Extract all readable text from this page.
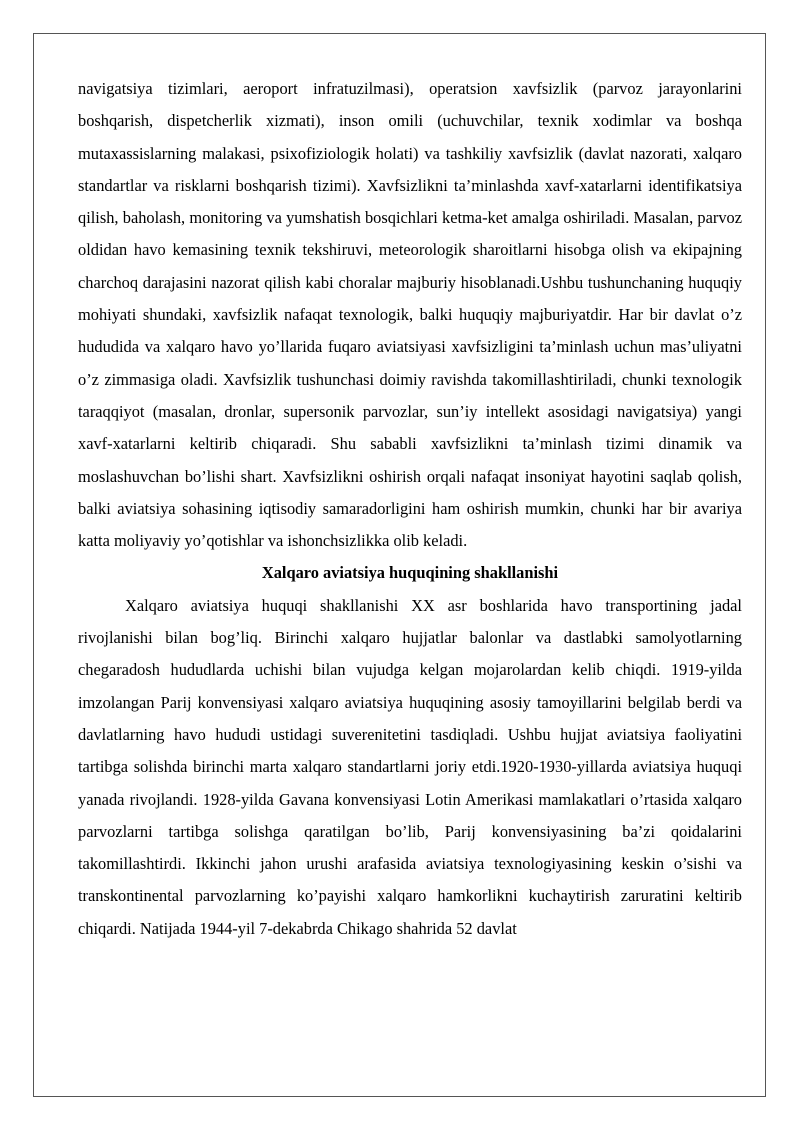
navigatsiya tizimlari, aeroport infratuzilmasi), operatsion xavfsizlik (parvoz jarayonlarini boshqarish, dispetcherlik xizmati), inson omili (uchuvchilar, texnik xodimlar va boshqa mutaxassislarning malakasi, psixofiziologik holati) va tashkiliy xavfsizlik (davlat nazorati, xalqaro standartlar va risklarni boshqarish tizimi). Xavfsizlikni ta’minlashda xavf-xatarlarni identifikatsiya qilish, baholash, monitoring va yumshatish bosqichlari ketma-ket amalga oshiriladi. Masalan, parvoz oldidan havo kemasining texnik tekshiruvi, meteorologik sharoitlarni hisobga olish va ekipajning charchoq darajasini nazorat qilish kabi choralar majburiy hisoblanadi.Ushbu tushunchaning huquqiy mohiyati shundaki, xavfsizlik nafaqat texnologik, balki huquqiy majburiyatdir. Har bir davlat o’z hududida va xalqaro havo yo’llarida fuqaro aviatsiyasi xavfsizligini ta’minlash uchun mas’uliyatni o’z zimmasiga oladi. Xavfsizlik tushunchasi doimiy ravishda takomillashtiriladi, chunki texnologik taraqqiyot (masalan, dronlar, supersonik parvozlar, sun’iy intellekt asosidagi navigatsiya) yangi xavf-xatarlarni keltirib chiqaradi. Shu sababli xavfsizlikni ta’minlash tizimi dinamik va moslashuvchan bo’lishi shart. Xavfsizlikni oshirish orqali nafaqat insoniyat hayotini saqlab qolish, balki aviatsiya sohasining iqtisodiy samaradorligini ham oshirish mumkin, chunki har bir avariya katta moliyaviy yo’qotishlar va ishonchsizlikka olib keladi.

Xalqaro aviatsiya huquqining shakllanishi

Xalqaro aviatsiya huquqi shakllanishi XX asr boshlarida havo transportining jadal rivojlanishi bilan bog’liq. Birinchi xalqaro hujjatlar balonlar va dastlabki samolyotlarning chegaradosh hududlarda uchishi bilan vujudga kelgan mojarolardan kelib chiqdi. 1919-yilda imzolangan Parij konvensiyasi xalqaro aviatsiya huquqining asosiy tamoyillarini belgilab berdi va davlatlarning havo hududi ustidagi suverenitetini tasdiqladi. Ushbu hujjat aviatsiya faoliyatini tartibga solishda birinchi marta xalqaro standartlarni joriy etdi.1920-1930-yillarda aviatsiya huquqi yanada rivojlandi. 1928-yilda Gavana konvensiyasi Lotin Amerikasi mamlakatlari o’rtasida xalqaro parvozlarni tartibga solishga qaratilgan bo’lib, Parij konvensiyasining ba’zi qoidalarini takomillashtirdi. Ikkinchi jahon urushi arafasida aviatsiya texnologiyasining keskin o’sishi va transkontinental parvozlarning ko’payishi xalqaro hamkorlikni kuchaytirish zaruratini keltirib chiqardi. Natijada 1944-yil 7-dekabrda Chikago shahrida 52 davlat
